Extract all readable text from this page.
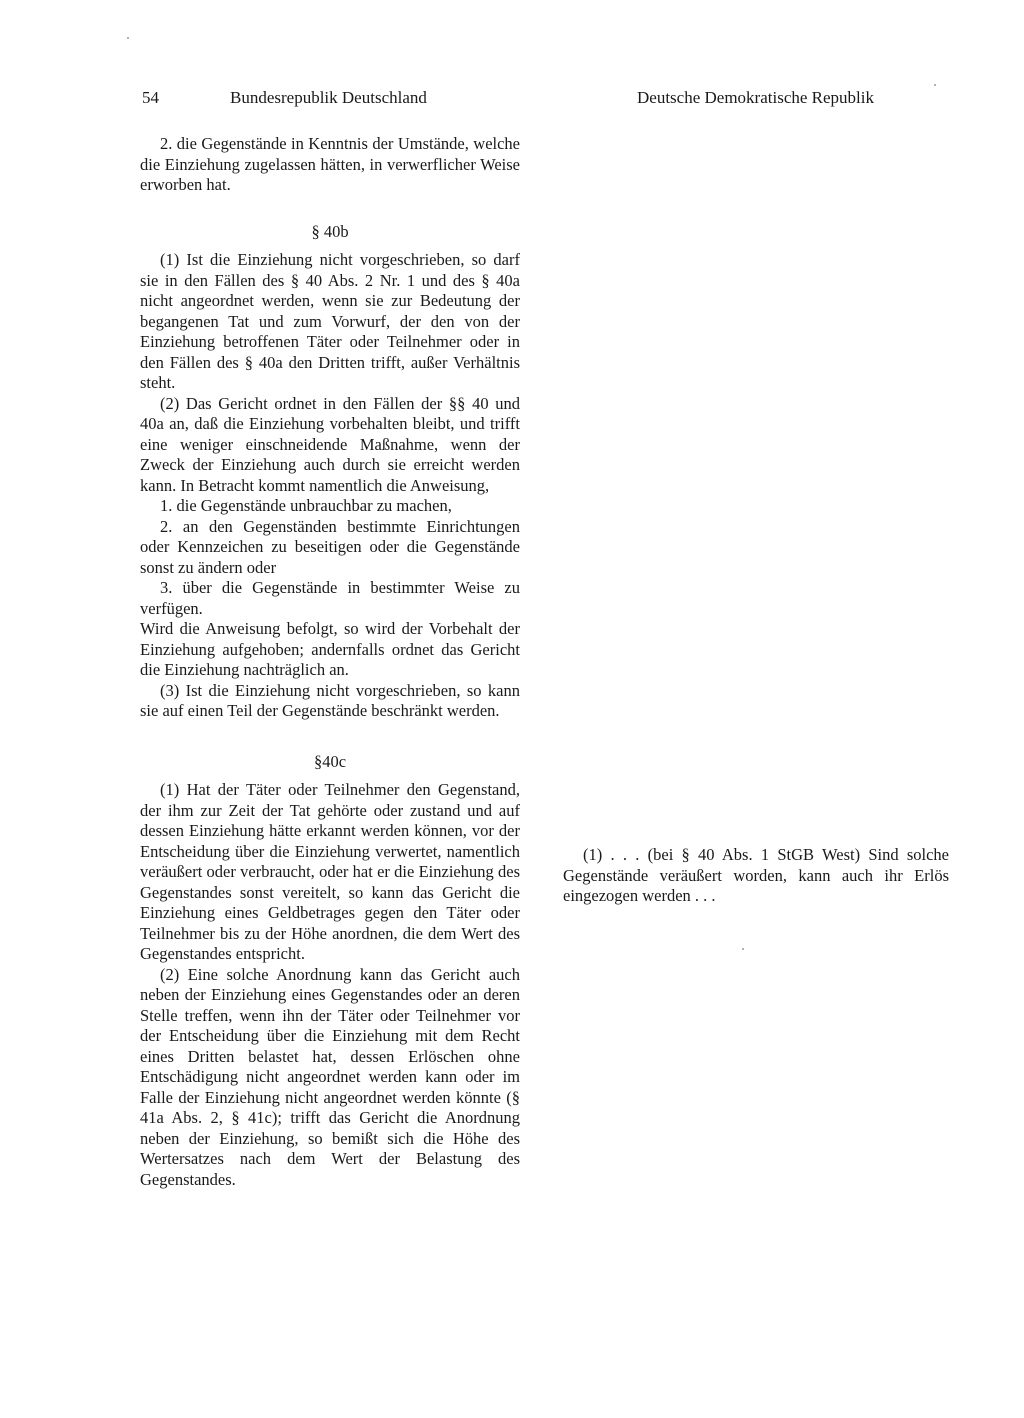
54	Bundesrepublik Deutschland	Deutsche Demokratische Republik

2. die Gegenstände in Kenntnis der Umstände, welche die Einziehung zugelassen hätten, in verwerflicher Weise erworben hat.

§ 40b

(1) Ist die Einziehung nicht vorgeschrieben, so darf sie in den Fällen des § 40 Abs. 2 Nr. 1 und des § 40a nicht angeordnet werden, wenn sie zur Bedeutung der begangenen Tat und zum Vorwurf, der den von der Einziehung betroffenen Täter oder Teilnehmer oder in den Fällen des § 40a den Dritten trifft, außer Verhältnis steht.

(2) Das Gericht ordnet in den Fällen der §§ 40 und 40a an, daß die Einziehung vorbehalten bleibt, und trifft eine weniger einschneidende Maßnahme, wenn der Zweck der Einziehung auch durch sie erreicht werden kann. In Betracht kommt namentlich die Anweisung,

1. die Gegenstände unbrauchbar zu machen,

2. an den Gegenständen bestimmte Einrichtungen oder Kennzeichen zu beseitigen oder die Gegenstände sonst zu ändern oder

3. über die Gegenstände in bestimmter Weise zu verfügen.

Wird die Anweisung befolgt, so wird der Vorbehalt der Einziehung aufgehoben; andernfalls ordnet das Gericht die Einziehung nachträglich an.

(3) Ist die Einziehung nicht vorgeschrieben, so kann sie auf einen Teil der Gegenstände beschränkt werden.

§40c

(1) Hat der Täter oder Teilnehmer den Gegenstand, der ihm zur Zeit der Tat gehörte oder zustand und auf dessen Einziehung hätte erkannt werden können, vor der Entscheidung über die Einziehung verwertet, namentlich veräußert oder verbraucht, oder hat er die Einziehung des Gegenstandes sonst vereitelt, so kann das Gericht die Einziehung eines Geldbetrages gegen den Täter oder Teilnehmer bis zu der Höhe anordnen, die dem Wert des Gegenstandes entspricht.

(2) Eine solche Anordnung kann das Gericht auch neben der Einziehung eines Gegenstandes oder an deren Stelle treffen, wenn ihn der Täter oder Teilnehmer vor der Entscheidung über die Einziehung mit dem Recht eines Dritten belastet hat, dessen Erlöschen ohne Entschädigung nicht angeordnet werden kann oder im Falle der Einziehung nicht angeordnet werden könnte (§ 41a Abs. 2, § 41c); trifft das Gericht die Anordnung neben der Einziehung, so bemißt sich die Höhe des Wertersatzes nach dem Wert der Belastung des Gegenstandes.

(1) . . . (bei § 40 Abs. 1 StGB West) Sind solche Gegenstände veräußert worden, kann auch ihr Erlös eingezogen werden . . .
